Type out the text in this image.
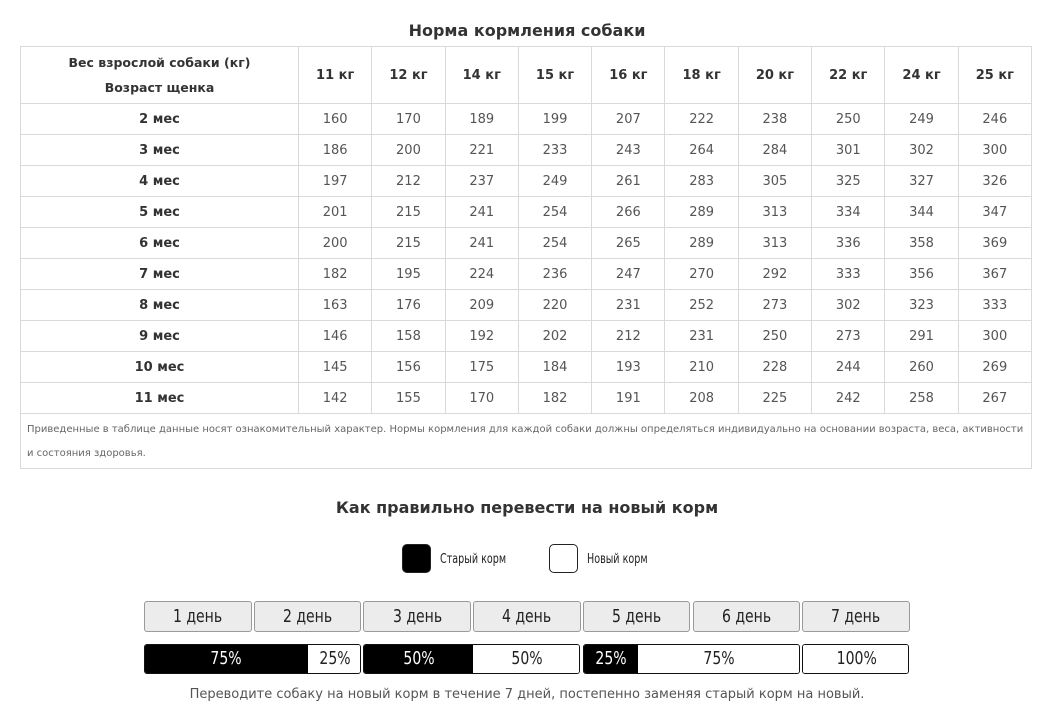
Норма кормления собаки
Вес взрослой собаки (кг)
Возраст щенка	11 кг	12 кг	14 кг	15 кг	16 кг	18 кг	20 кг	22 кг	24 кг	25 кг
2 мес	160	170	189	199	207	222	238	250	249	246
3 мес	186	200	221	233	243	264	284	301	302	300
4 мес	197	212	237	249	261	283	305	325	327	326
5 мес	201	215	241	254	266	289	313	334	344	347
6 мес	200	215	241	254	265	289	313	336	358	369
7 мес	182	195	224	236	247	270	292	333	356	367
8 мес	163	176	209	220	231	252	273	302	323	333
9 мес	146	158	192	202	212	231	250	273	291	300
10 мес	145	156	175	184	193	210	228	244	260	269
11 мес	142	155	170	182	191	208	225	242	258	267
Приведенные в таблице данные носят ознакомительный характер. Нормы кормления для каждой собаки должны определяться индивидуально на основании возраста, веса, активности и состояния здоровья.										
Как правильно перевести на новый корм
Старый корм	Новый корм
1 день	2 день	3 день	4 день	5 день	6 день	7 день
75%	25%	50%	50%	25%	75%	100%
Переводите собаку на новый корм в течение 7 дней, постепенно заменяя старый корм на новый.
